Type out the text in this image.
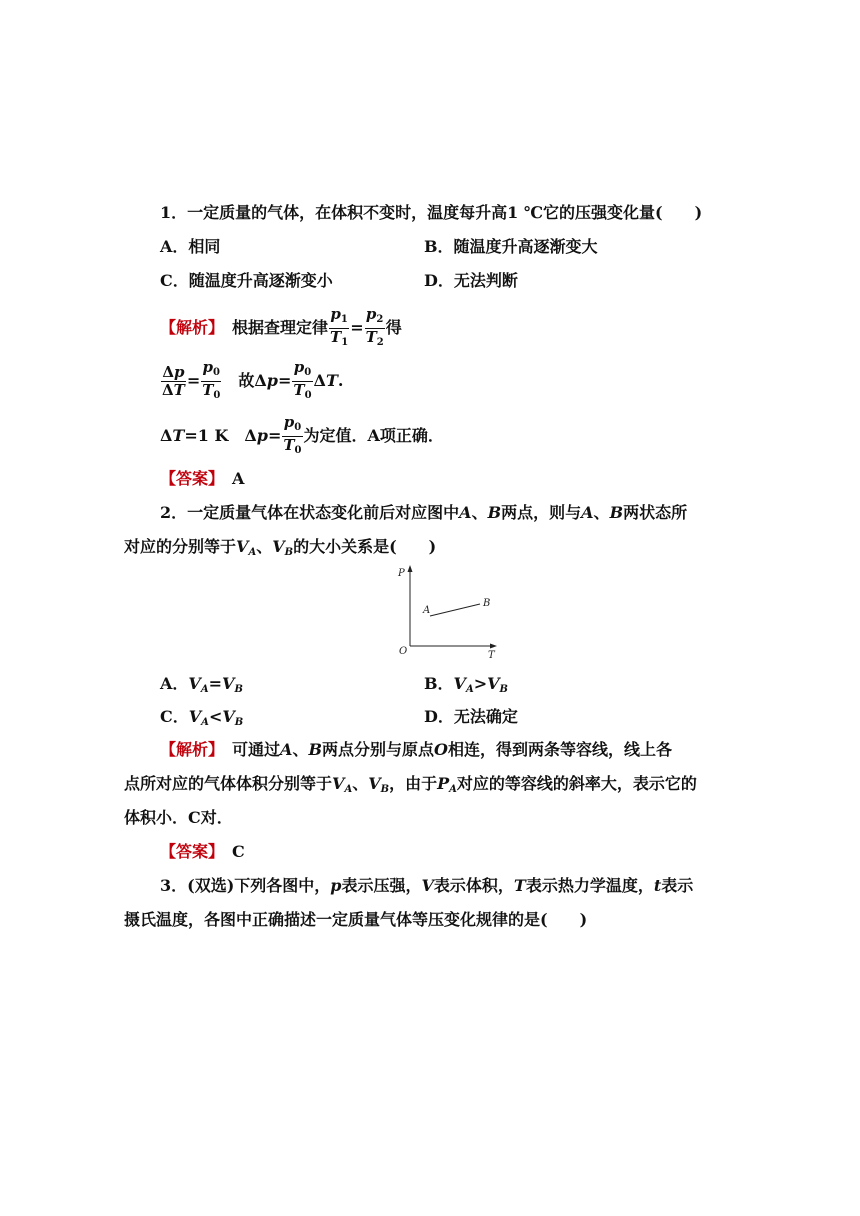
1．一定质量的气体，在体积不变时，温度每升高1 ℃它的压强变化量(　　)
A．相同	B．随温度升高逐渐变大
C．随温度升高逐渐变小	D．无法判断
【解析】　 根据查理定律 $\frac{p_1}{T_1} = \frac{p_2}{T_2}$ 得
$\frac{\Delta p}{\Delta T} = \frac{p_0}{T_0}$
　 故$\Delta p= \frac{p_0}{T_0} \Delta T$.
ΔT=1 K　$\Delta p= \frac{p_0}{T_0}$ 为定值．A项正确．
【答案】　 A
2．一定质量气体在状态变化前后对应图中A、B两点，则与A、B两状态所
对应的分别等于$V_A$、$V_B$的大小关系是(　　)
P
T
O
A
B
A．$V_A=V_B$	B．$V_A>V_B$
C．$V_A<V_B$	D．无法确定
【解析】　 可通过A、B两点分别与原点O相连，得到两条等容线，线上各
点所对应的气体体积分别等于$V_A$、$V_B$，由于$P_A$对应的等容线的斜率大，表示它的
体积小．C对．
【答案】　 C
3．(双选)下列各图中，p表示压强，V表示体积，T表示热力学温度，t表示
摄氏温度，各图中正确描述一定质量气体等压变化规律的是(　　)
